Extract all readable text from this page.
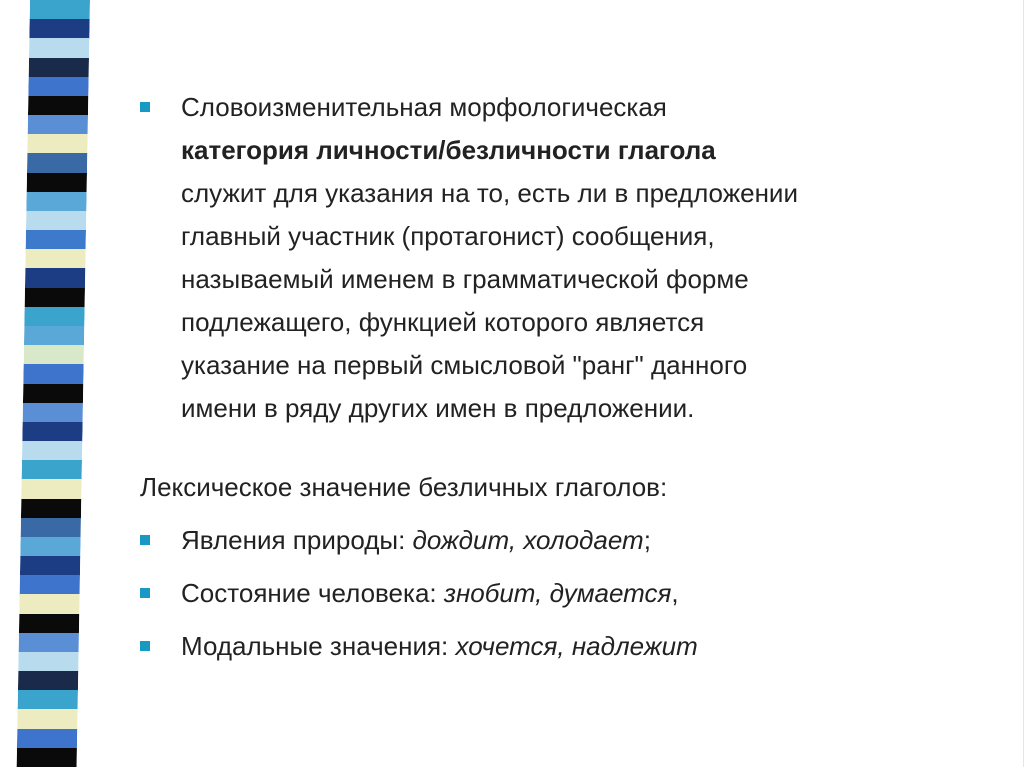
Словоизменительная морфологическая
категория личности/безличности глагола
служит для указания на то, есть ли в предложении
главный участник (протагонист) сообщения,
называемый именем в грамматической форме
подлежащего, функцией которого является
указание на первый смысловой "ранг" данного
имени в ряду других имен в предложении.
Лексическое значение безличных глаголов:
Явления природы: дождит, холодает;
Состояние человека: знобит, думается,
Модальные значения: хочется, надлежит
